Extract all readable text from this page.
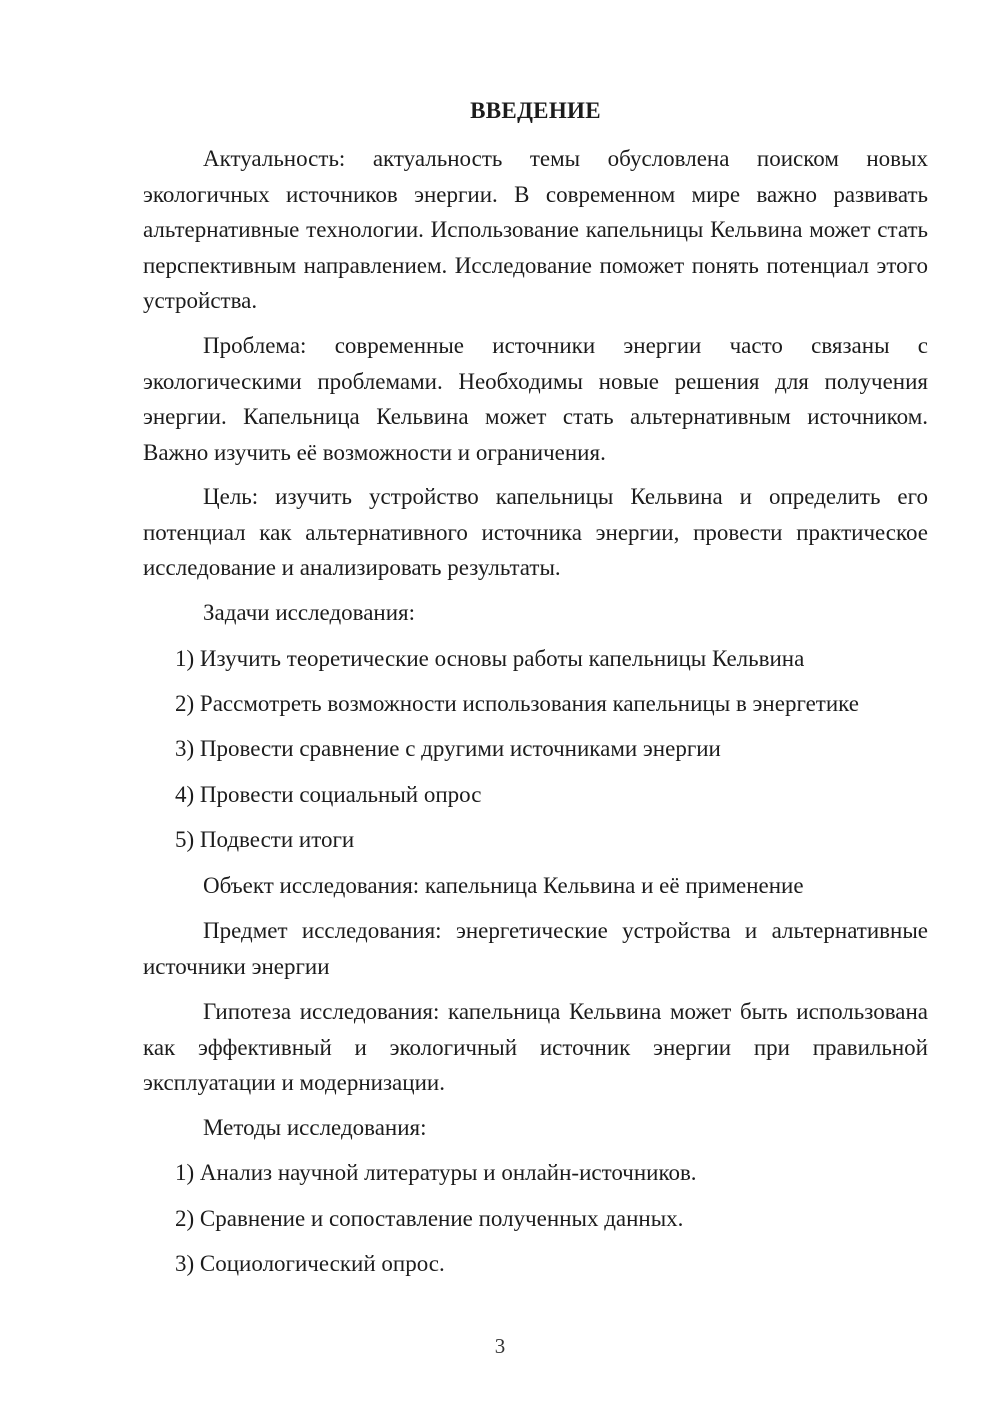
ВВЕДЕНИЕ

Актуальность: актуальность темы обусловлена поиском новых экологичных источников энергии. В современном мире важно развивать альтернативные технологии. Использование капельницы Кельвина может стать перспективным направлением. Исследование поможет понять потенциал этого устройства.

Проблема: современные источники энергии часто связаны с экологическими проблемами. Необходимы новые решения для получения энергии. Капельница Кельвина может стать альтернативным источником. Важно изучить её возможности и ограничения.

Цель: изучить устройство капельницы Кельвина и определить его потенциал как альтернативного источника энергии, провести практическое исследование и анализировать результаты.

Задачи исследования:

1) Изучить теоретические основы работы капельницы Кельвина

2) Рассмотреть возможности использования капельницы в энергетике

3) Провести сравнение с другими источниками энергии

4) Провести социальный опрос

5) Подвести итоги

Объект исследования: капельница Кельвина и её применение

Предмет исследования: энергетические устройства и альтернативные источники энергии

Гипотеза исследования: капельница Кельвина может быть использована как эффективный и экологичный источник энергии при правильной эксплуатации и модернизации.

Методы исследования:

1) Анализ научной литературы и онлайн-источников.

2) Сравнение и сопоставление полученных данных.

3) Социологический опрос.

3
